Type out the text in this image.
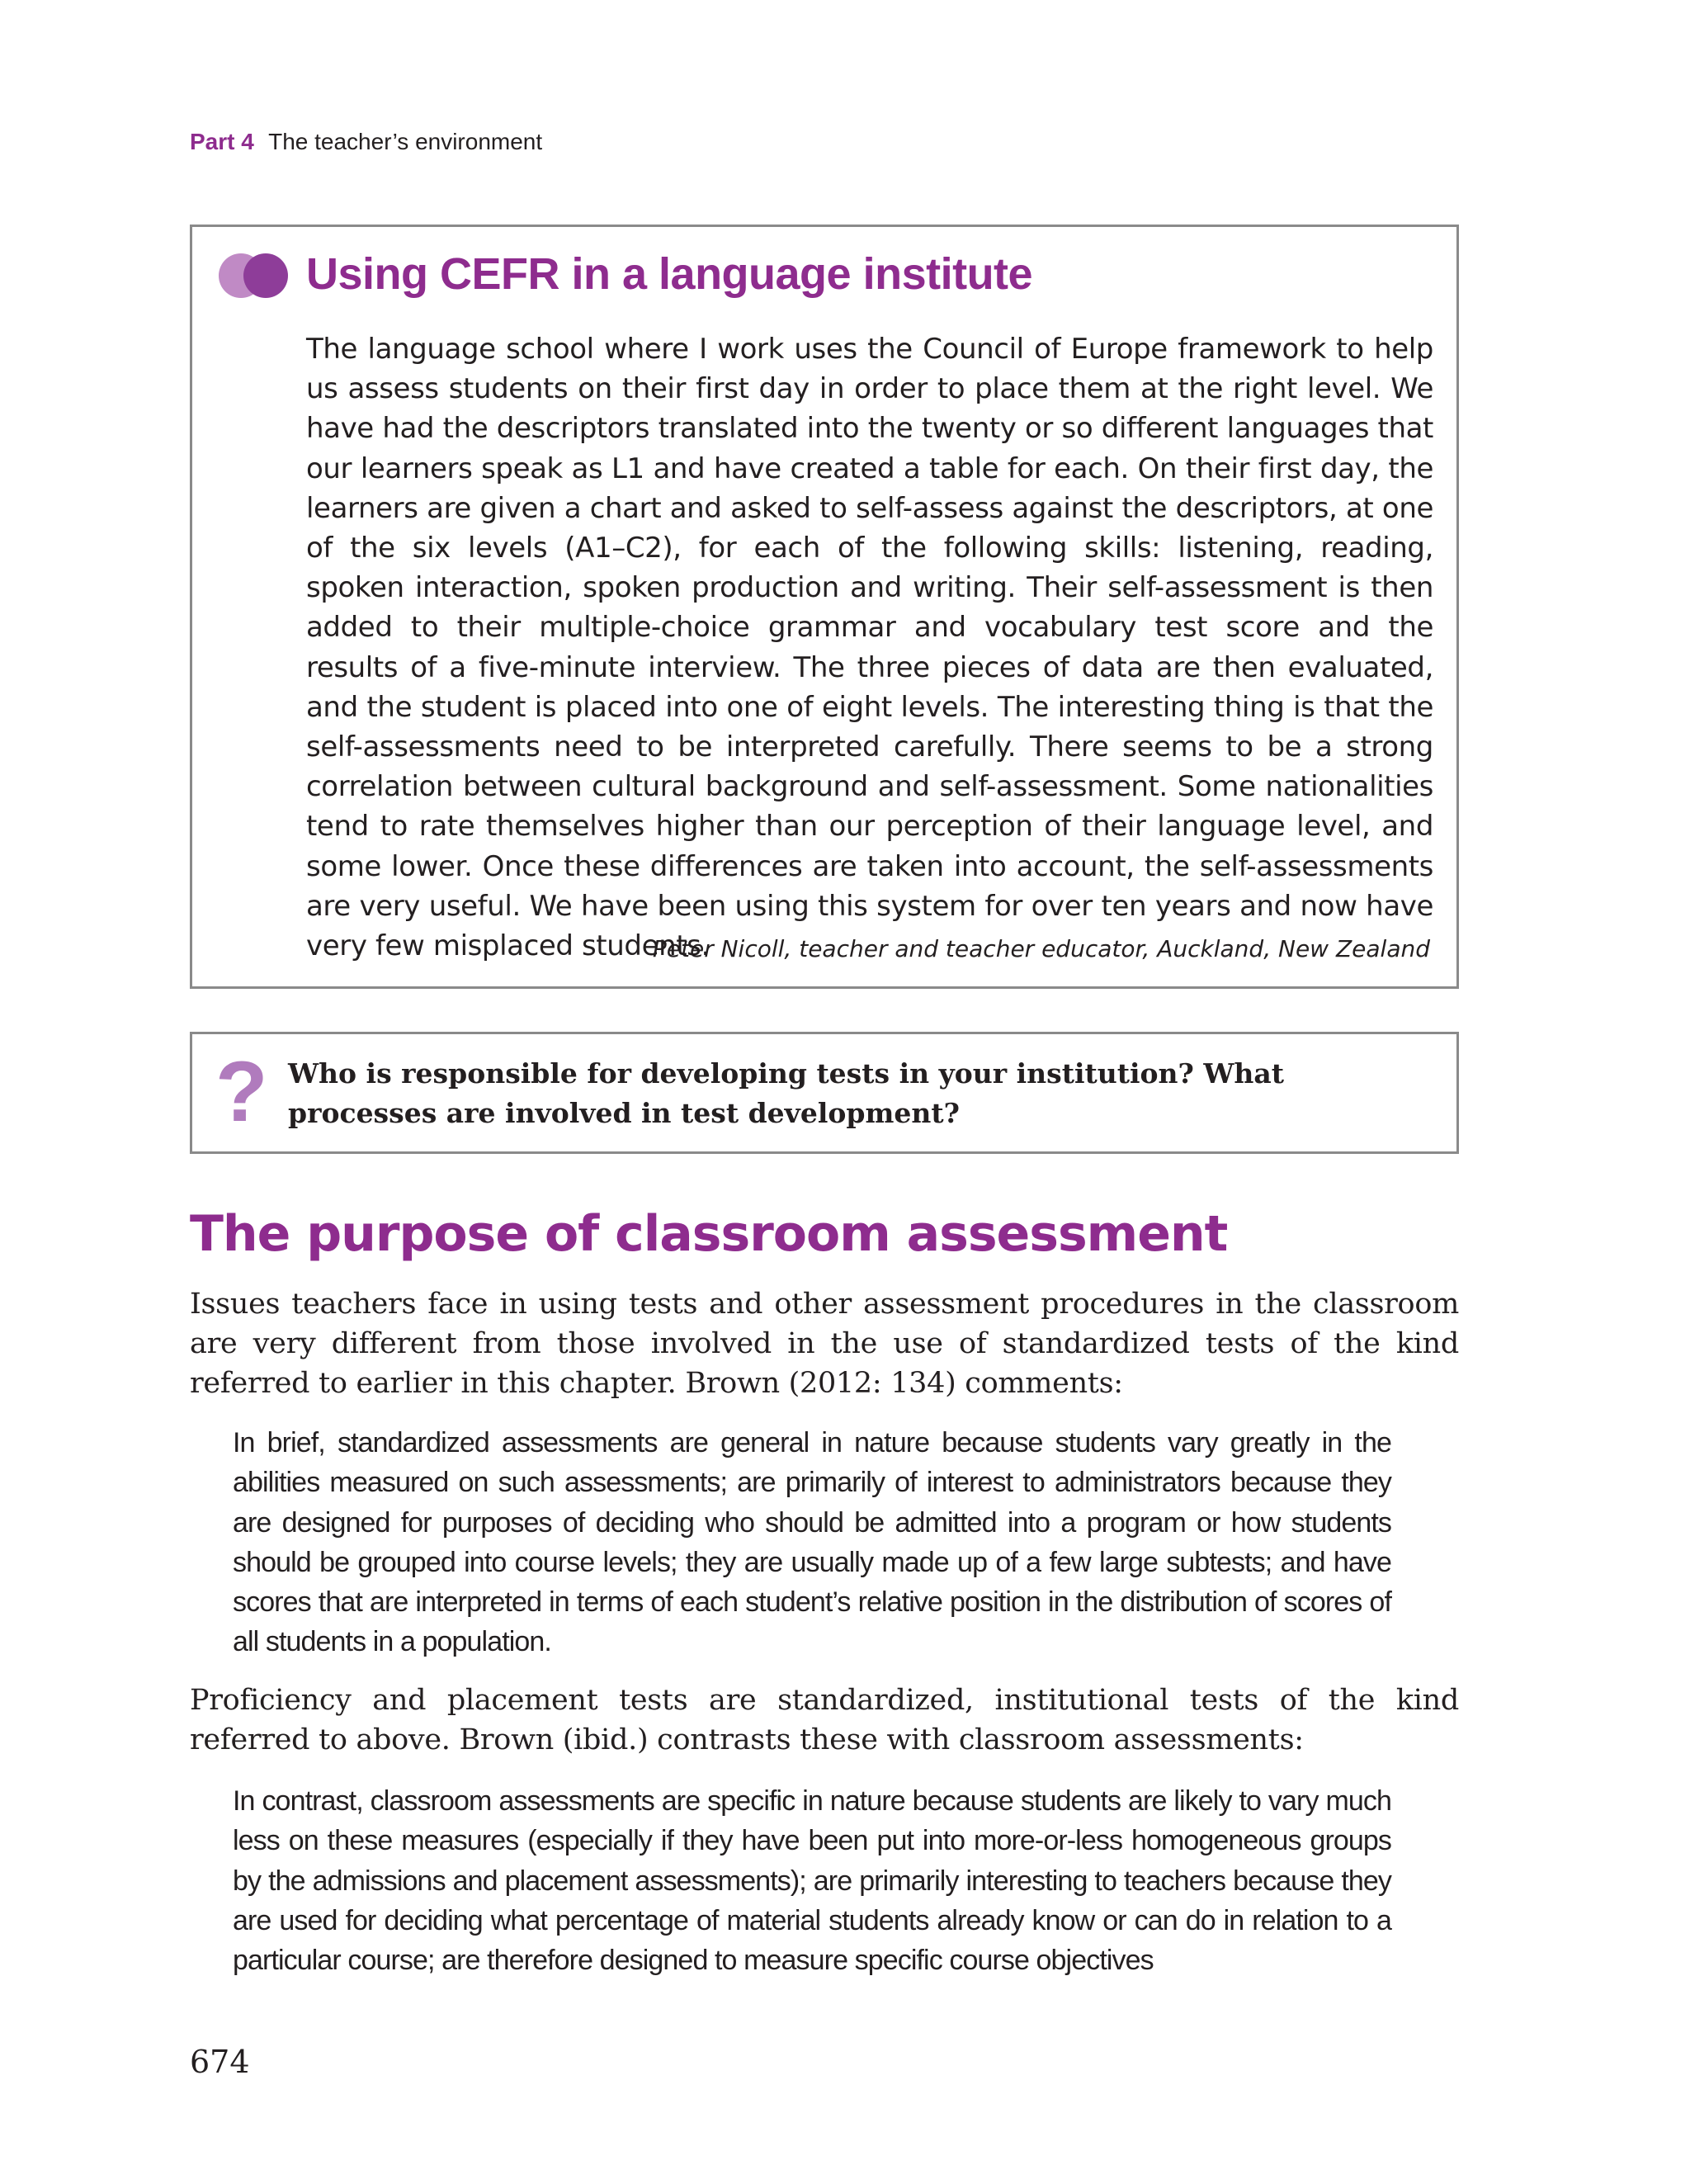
Part 4 The teacher’s environment
Using CEFR in a language institute
The language school where I work uses the Council of Europe framework to help us assess students on their first day in order to place them at the right level. We have had the descriptors translated into the twenty or so different languages that our learners speak as L1 and have created a table for each. On their first day, the learners are given a chart and asked to self-assess against the descriptors, at one of the six levels (A1–C2), for each of the following skills: listening, reading, spoken interaction, spoken production and writing. Their self-assessment is then added to their multiple-choice grammar and vocabulary test score and the results of a five-minute interview. The three pieces of data are then evaluated, and the student is placed into one of eight levels. The interesting thing is that the self-assessments need to be interpreted carefully. There seems to be a strong correlation between cultural background and self-assessment. Some nationalities tend to rate themselves higher than our perception of their language level, and some lower. Once these differences are taken into account, the self-assessments are very useful. We have been using this system for over ten years and now have very few misplaced students.
Peter Nicoll, teacher and teacher educator, Auckland, New Zealand
? Who is responsible for developing tests in your institution? What processes are involved in test development?
The purpose of classroom assessment
Issues teachers face in using tests and other assessment procedures in the classroom are very different from those involved in the use of standardized tests of the kind referred to earlier in this chapter. Brown (2012: 134) comments:
In brief, standardized assessments are general in nature because students vary greatly in the abilities measured on such assessments; are primarily of interest to administrators because they are designed for purposes of deciding who should be admitted into a program or how students should be grouped into course levels; they are usually made up of a few large subtests; and have scores that are interpreted in terms of each student’s relative position in the distribution of scores of all students in a population.
Proficiency and placement tests are standardized, institutional tests of the kind referred to above. Brown (ibid.) contrasts these with classroom assessments:
In contrast, classroom assessments are specific in nature because students are likely to vary much less on these measures (especially if they have been put into more-or-less homogeneous groups by the admissions and placement assessments); are primarily interesting to teachers because they are used for deciding what percentage of material students already know or can do in relation to a particular course; are therefore designed to measure specific course objectives
674
